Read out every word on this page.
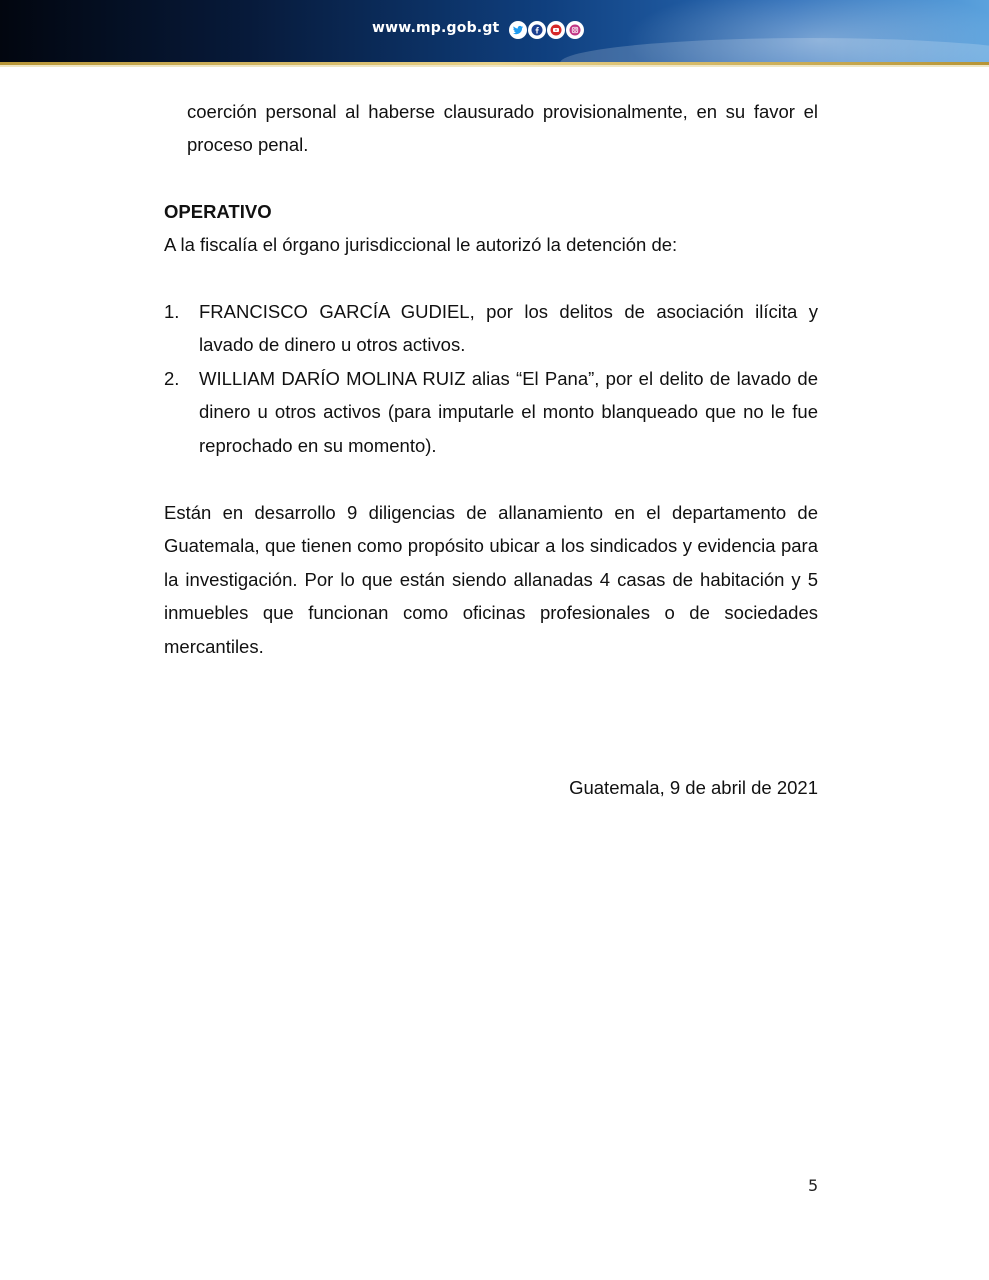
www.mp.gob.gt

coerción personal al haberse clausurado provisionalmente, en su favor el proceso penal.

OPERATIVO

A la fiscalía el órgano jurisdiccional le autorizó la detención de:

1. FRANCISCO GARCÍA GUDIEL, por los delitos de asociación ilícita y lavado de dinero u otros activos.
2. WILLIAM DARÍO MOLINA RUIZ alias “El Pana”, por el delito de lavado de dinero u otros activos (para imputarle el monto blanqueado que no le fue reprochado en su momento).

Están en desarrollo 9 diligencias de allanamiento en el departamento de Guatemala, que tienen como propósito ubicar a los sindicados y evidencia para la investigación. Por lo que están siendo allanadas 4 casas de habitación y 5 inmuebles que funcionan como oficinas profesionales o de sociedades mercantiles.

Guatemala, 9 de abril de 2021
5
